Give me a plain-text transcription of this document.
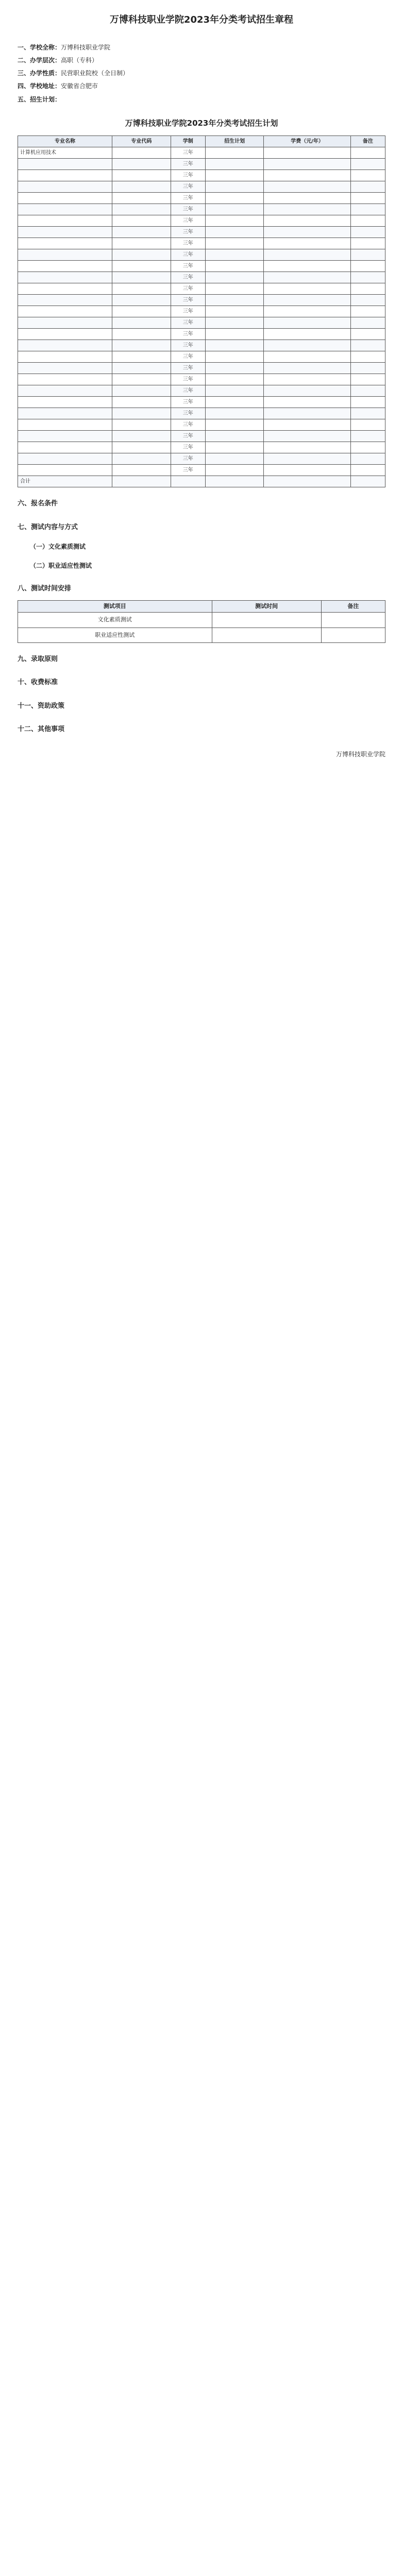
万博科技职业学院2023年分类考试招生章程
一、学校全称：万博科技职业学院
二、办学层次：高职（专科）
三、办学性质：民营职业院校（全日制）
四、学校地址：安徽省合肥市
五、招生计划：
万博科技职业学院2023年分类考试招生计划
专业名称	专业代码	学制	招生计划	学费（元/年）	备注
计算机应用技术		三年			
		三年			
		三年			
		三年			
		三年			
		三年			
		三年			
		三年			
		三年			
		三年			
		三年			
		三年			
		三年			
		三年			
		三年			
		三年			
		三年			
		三年			
		三年			
		三年			
		三年			
		三年			
		三年			
		三年			
		三年			
		三年			
		三年			
		三年			
		三年			
合计					
六、报名条件
七、测试内容与方式
（一）文化素质测试
（二）职业适应性测试
八、测试时间安排
测试项目	测试时间	备注
文化素质测试		
职业适应性测试		
九、录取原则
十、收费标准
十一、资助政策
十二、其他事项
万博科技职业学院
